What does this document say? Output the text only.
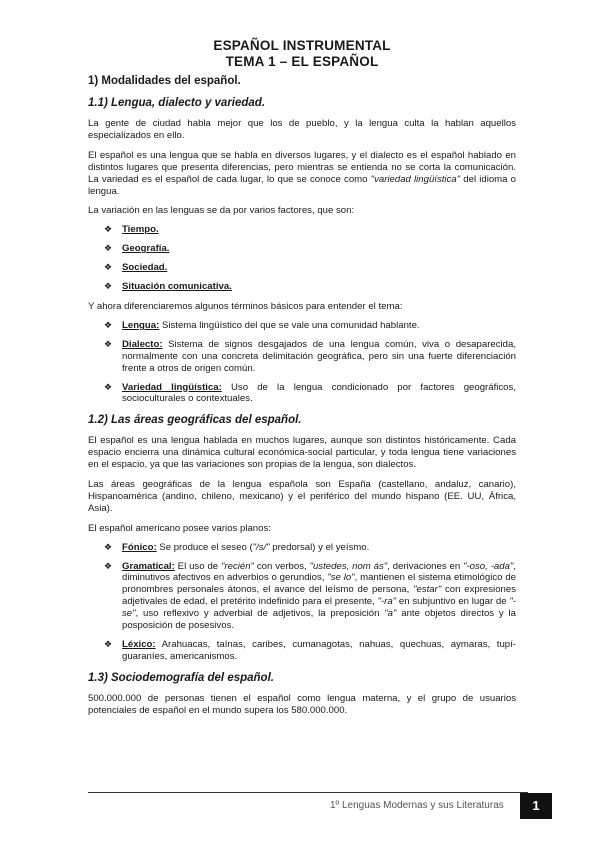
ESPAÑOL INSTRUMENTAL

TEMA 1 – EL ESPAÑOL

1) Modalidades del español.
1.1) Lengua, dialecto y variedad.

La gente de ciudad habla mejor que los de pueblo, y la lengua culta la hablan aquellos especializados en ello.

El español es una lengua que se habla en diversos lugares, y el dialecto es el español hablado en distintos lugares que presenta diferencias, pero mientras se entienda no se corta la comunicación. La variedad es el español de cada lugar, lo que se conoce como "variedad lingüística" del idioma o lengua.

La variación en las lenguas se da por varios factores, que son:

❖ Tiempo.
❖ Geografía.
❖ Sociedad.
❖ Situación comunicativa.

Y ahora diferenciaremos algunos términos básicos para entender el tema:

❖ Lengua: Sistema lingüístico del que se vale una comunidad hablante.
❖ Dialecto: Sistema de signos desgajados de una lengua común, viva o desaparecida, normalmente con una concreta delimitación geográfica, pero sin una fuerte diferenciación frente a otros de origen común.
❖ Variedad lingüística: Uso de la lengua condicionado por factores geográficos, socioculturales o contextuales.
1.2) Las áreas geográficas del español.

El español es una lengua hablada en muchos lugares, aunque son distintos históricamente. Cada espacio encierra una dinámica cultural económica-social particular, y toda lengua tiene variaciones en el espacio, ya que las variaciones son propias de la lengua, son dialectos.

Las áreas geográficas de la lengua española son España (castellano, andaluz, canario), Hispanoamérica (andino, chileno, mexicano) y el periférico del mundo hispano (EE. UU, África, Asia).

El español americano posee varios planos:

❖ Fónico: Se produce el seseo ("/s/" predorsal) y el yeísmo.
❖ Gramatical: El uso de "recién" con verbos, "ustedes, nom ás", derivaciones en "-oso, -ada", diminutivos afectivos en adverbios o gerundios, "se lo", mantienen el sistema etimológico de pronombres personales átonos, el avance del leísmo de persona, "estar" con expresiones adjetivales de edad, el pretérito indefinido para el presente, "-ra" en subjuntivo en lugar de "-se", uso reflexivo y adverbial de adjetivos, la preposición "a" ante objetos directos y la posposición de posesivos.
❖ Léxico: Arahuacas, taínas, caribes, cumanagotas, nahuas, quechuas, aymaras, tupí-guaraníes, americanismos.
1.3) Sociodemografía del español.

500.000.000 de personas tienen el español como lengua materna, y el grupo de usuarios potenciales de español en el mundo supera los 580.000.000.

1º Lenguas Modernas y sus Literaturas	1
